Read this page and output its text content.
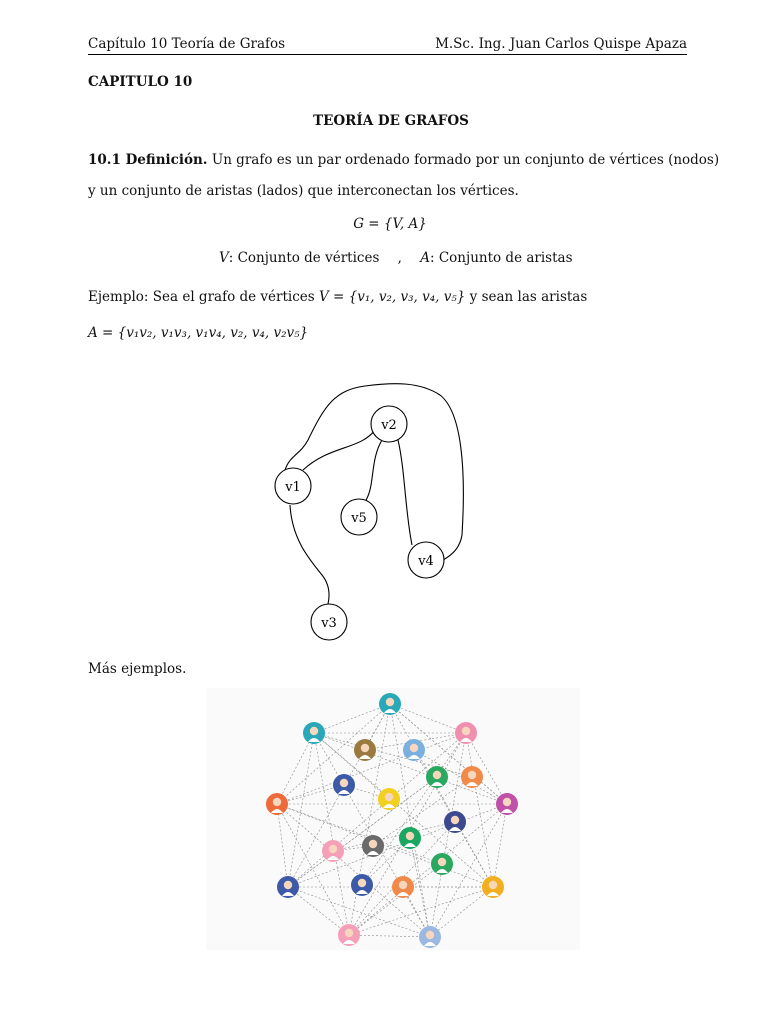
Capítulo 10 Teoría de Grafos	M.Sc. Ing. Juan Carlos Quispe Apaza
CAPITULO 10
TEORÍA DE GRAFOS
10.1 Definición. Un grafo es un par ordenado formado por un conjunto de vértices (nodos)
y un conjunto de aristas (lados) que interconectan los vértices.
G = {V, A}
V: Conjunto de vértices , A: Conjunto de aristas
Ejemplo: Sea el grafo de vértices V = {v₁, v₂, v₃, v₄, v₅} y sean las aristas
A = {v₁v₂, v₁v₃, v₁v₄, v₂, v₄, v₂v₅}
v1
v2
v3
v4
v5
Más ejemplos.
